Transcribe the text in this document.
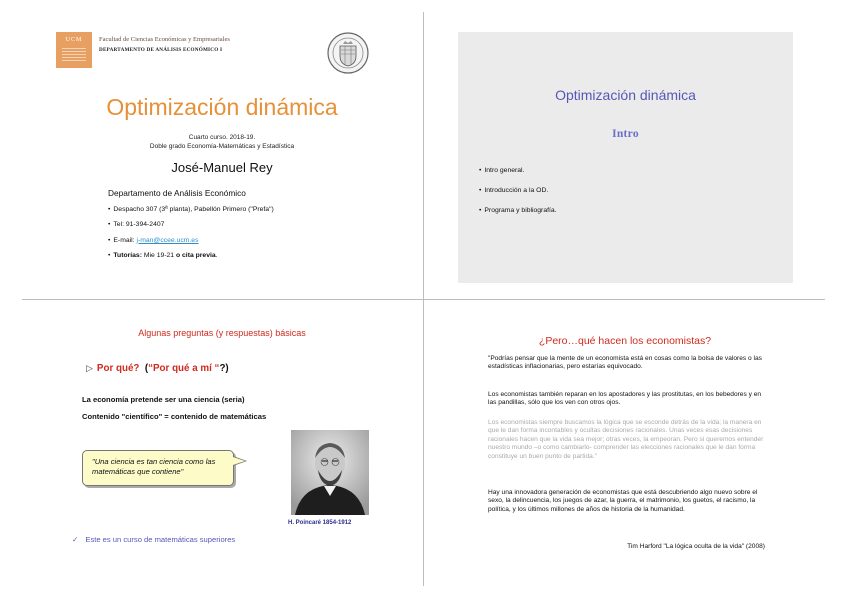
UCM	Facultad de Ciencias Económicas y Empresariales
DEPARTAMENTO DE ANÁLISIS ECONÓMICO I
Optimización dinámica
Cuarto curso. 2018-19.
Doble grado Economía-Matemáticas y Estadística
José-Manuel Rey
Departamento de Análisis Económico
• Despacho 307 (3ª planta), Pabellón Primero ("Prefa")
• Tel: 91-394-2407
• E-mail: j-man@ccee.ucm.es
• Tutorías: Mie 19-21 o cita previa.
Optimización dinámica
Intro
• Intro general.
• Introducción a la OD.
• Programa y bibliografía.
Algunas preguntas (y respuestas) básicas
▷ Por qué? (“Por qué a mí “?)
La economía pretende ser una ciencia (seria)
Contenido "científico" = contenido de matemáticas
"Una ciencia es tan ciencia como las matemáticas que contiene"
H. Poincaré 1854-1912
✓ Este es un curso de matemáticas superiores
¿Pero…qué hacen los economistas?

"Podrías pensar que la mente de un economista está en cosas como la bolsa de valores o las estadísticas inflacionarias, pero estarías equivocado.

Los economistas también reparan en los apostadores y las prostitutas, en los bebedores y en las pandillas, sólo que los ven con otros ojos.

Los economistas siempre buscamos la lógica que se esconde detrás de la vida; la manera en que le dan forma incontables y ocultas decisiones racionales. Unas veces esas decisiones racionales hacen que la vida sea mejor; otras veces, la empeoran. Pero si queremos entender nuestro mundo –o como cambiarlo- comprender las elecciones racionales que le dan forma constituye un buen punto de partida."

Hay una innovadora generación de economistas que está descubriendo algo nuevo sobre el sexo, la delincuencia, los juegos de azar, la guerra, el matrimonio, los guetos, el racismo, la política, y los últimos millones de años de historia de la humanidad.

Tim Harford "La lógica oculta de la vida" (2008)
